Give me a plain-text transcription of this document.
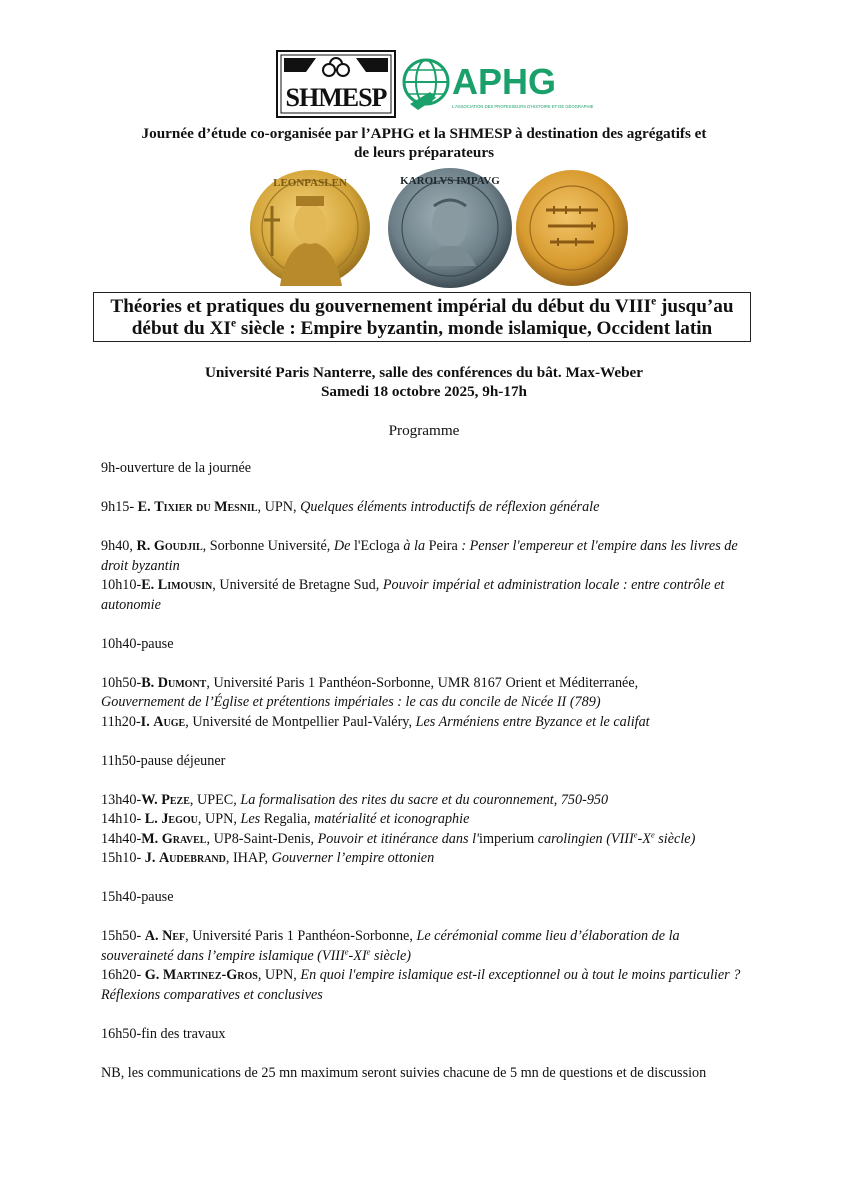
SHMESP APHG
L'ASSOCIATION DES PROFESSEURS D'HISTOIRE ET DE GÉOGRAPHIE
Journée d’étude co-organisée par l’APHG et la SHMESP à destination des agrégatifs et
de leurs préparateurs
LEONPASLEN	KAROLVS IMPAVG
Théories et pratiques du gouvernement impérial du début du VIIIe jusqu’au
début du XIe siècle : Empire byzantin, monde islamique, Occident latin
Université Paris Nanterre, salle des conférences du bât. Max-Weber
Samedi 18 octobre 2025, 9h-17h
Programme
9h-ouverture de la journée
9h15- E. Tixier du Mesnil, UPN, Quelques éléments introductifs de réflexion générale
9h40, R. Goudjil, Sorbonne Université, De l'Ecloga à la Peira : Penser l'empereur et l'empire dans les livres de droit byzantin
10h10-E. Limousin, Université de Bretagne Sud, Pouvoir impérial et administration locale : entre contrôle et autonomie
10h40-pause
10h50-B. Dumont, Université Paris 1 Panthéon-Sorbonne, UMR 8167 Orient et Méditerranée,
Gouvernement de l’Église et prétentions impériales : le cas du concile de Nicée II (789)
11h20-I. Auge, Université de Montpellier Paul-Valéry, Les Arméniens entre Byzance et le califat
11h50-pause déjeuner
13h40-W. Peze, UPEC, La formalisation des rites du sacre et du couronnement, 750-950
14h10- L. Jegou, UPN, Les Regalia, matérialité et iconographie
14h40-M. Gravel, UP8-Saint-Denis, Pouvoir et itinérance dans l'imperium carolingien (VIIIe-Xe siècle)
15h10- J. Audebrand, IHAP, Gouverner l’empire ottonien
15h40-pause
15h50- A. Nef, Université Paris 1 Panthéon-Sorbonne, Le cérémonial comme lieu d’élaboration de la souveraineté dans l’empire islamique (VIIIe-XIe siècle)
16h20- G. Martinez-Gros, UPN, En quoi l'empire islamique est-il exceptionnel ou à tout le moins particulier ? Réflexions comparatives et conclusives
16h50-fin des travaux
NB, les communications de 25 mn maximum seront suivies chacune de 5 mn de questions et de discussion
